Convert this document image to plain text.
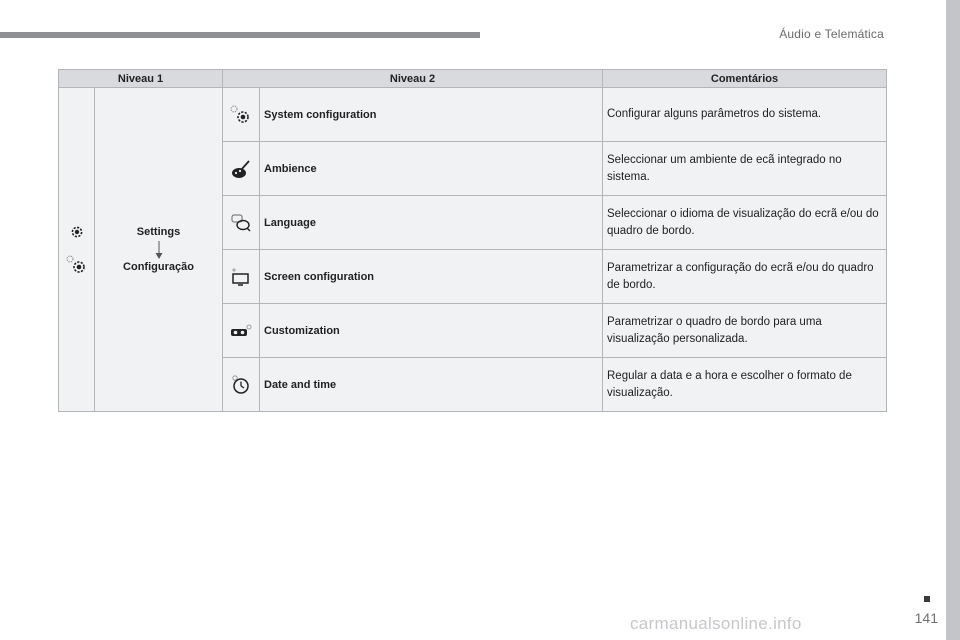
Áudio e Telemática
Niveau 1		Niveau 2		Comentários

Settings
Configuração		System configuration	Configurar alguns parâmetros do sistema.

	Ambience	Seleccionar um ambiente de ecã integrado no sistema.

	Language	Seleccionar o idioma de visualização do ecrã e/ou do quadro de bordo.

	Screen configuration	Parametrizar a configuração do ecrã e/ou do quadro de bordo.

	Customization	Parametrizar o quadro de bordo para uma visualização personalizada.

	Date and time	Regular a data e a hora e escolher o formato de visualização.
141
carmanualsonline.info
